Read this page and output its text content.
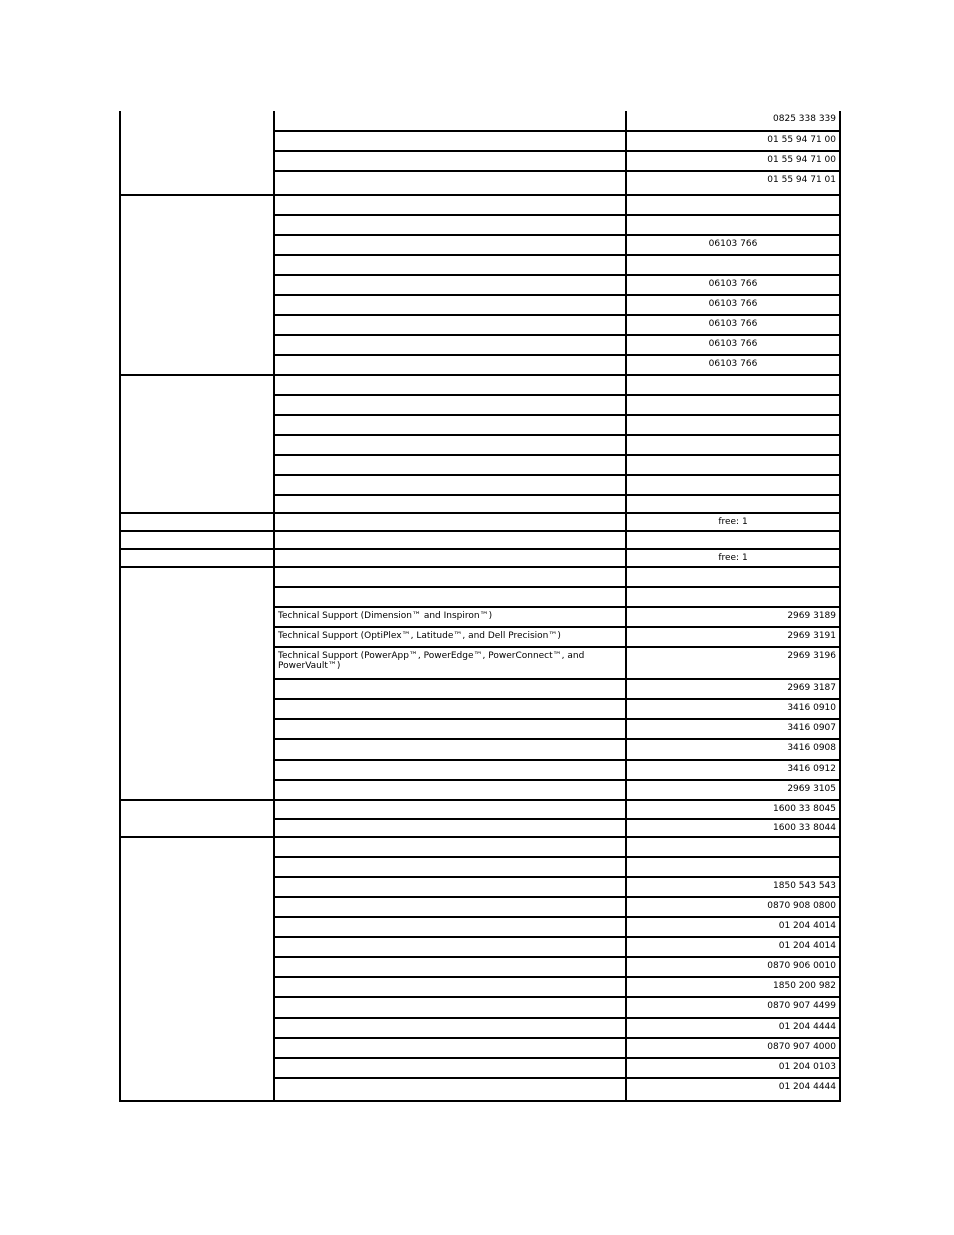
		0825 338 339
		01 55 94 71 00
		01 55 94 71 00
		01 55 94 71 01

		06103 766

		06103 766
		06103 766
		06103 766
		06103 766
		06103 766

		free: 1

		free: 1

	Technical Support (Dimension™ and Inspiron™)	2969 3189
	Technical Support (OptiPlex™, Latitude™, and Dell Precision™)	2969 3191
	Technical Support (PowerApp™, PowerEdge™, PowerConnect™, and PowerVault™)	2969 3196
		2969 3187
		3416 0910
		3416 0907
		3416 0908
		3416 0912
		2969 3105
		1600 33 8045
		1600 33 8044

		1850 543 543
		0870 908 0800
		01 204 4014
		01 204 4014
		0870 906 0010
		1850 200 982
		0870 907 4499
		01 204 4444
		0870 907 4000
		01 204 0103
		01 204 4444
